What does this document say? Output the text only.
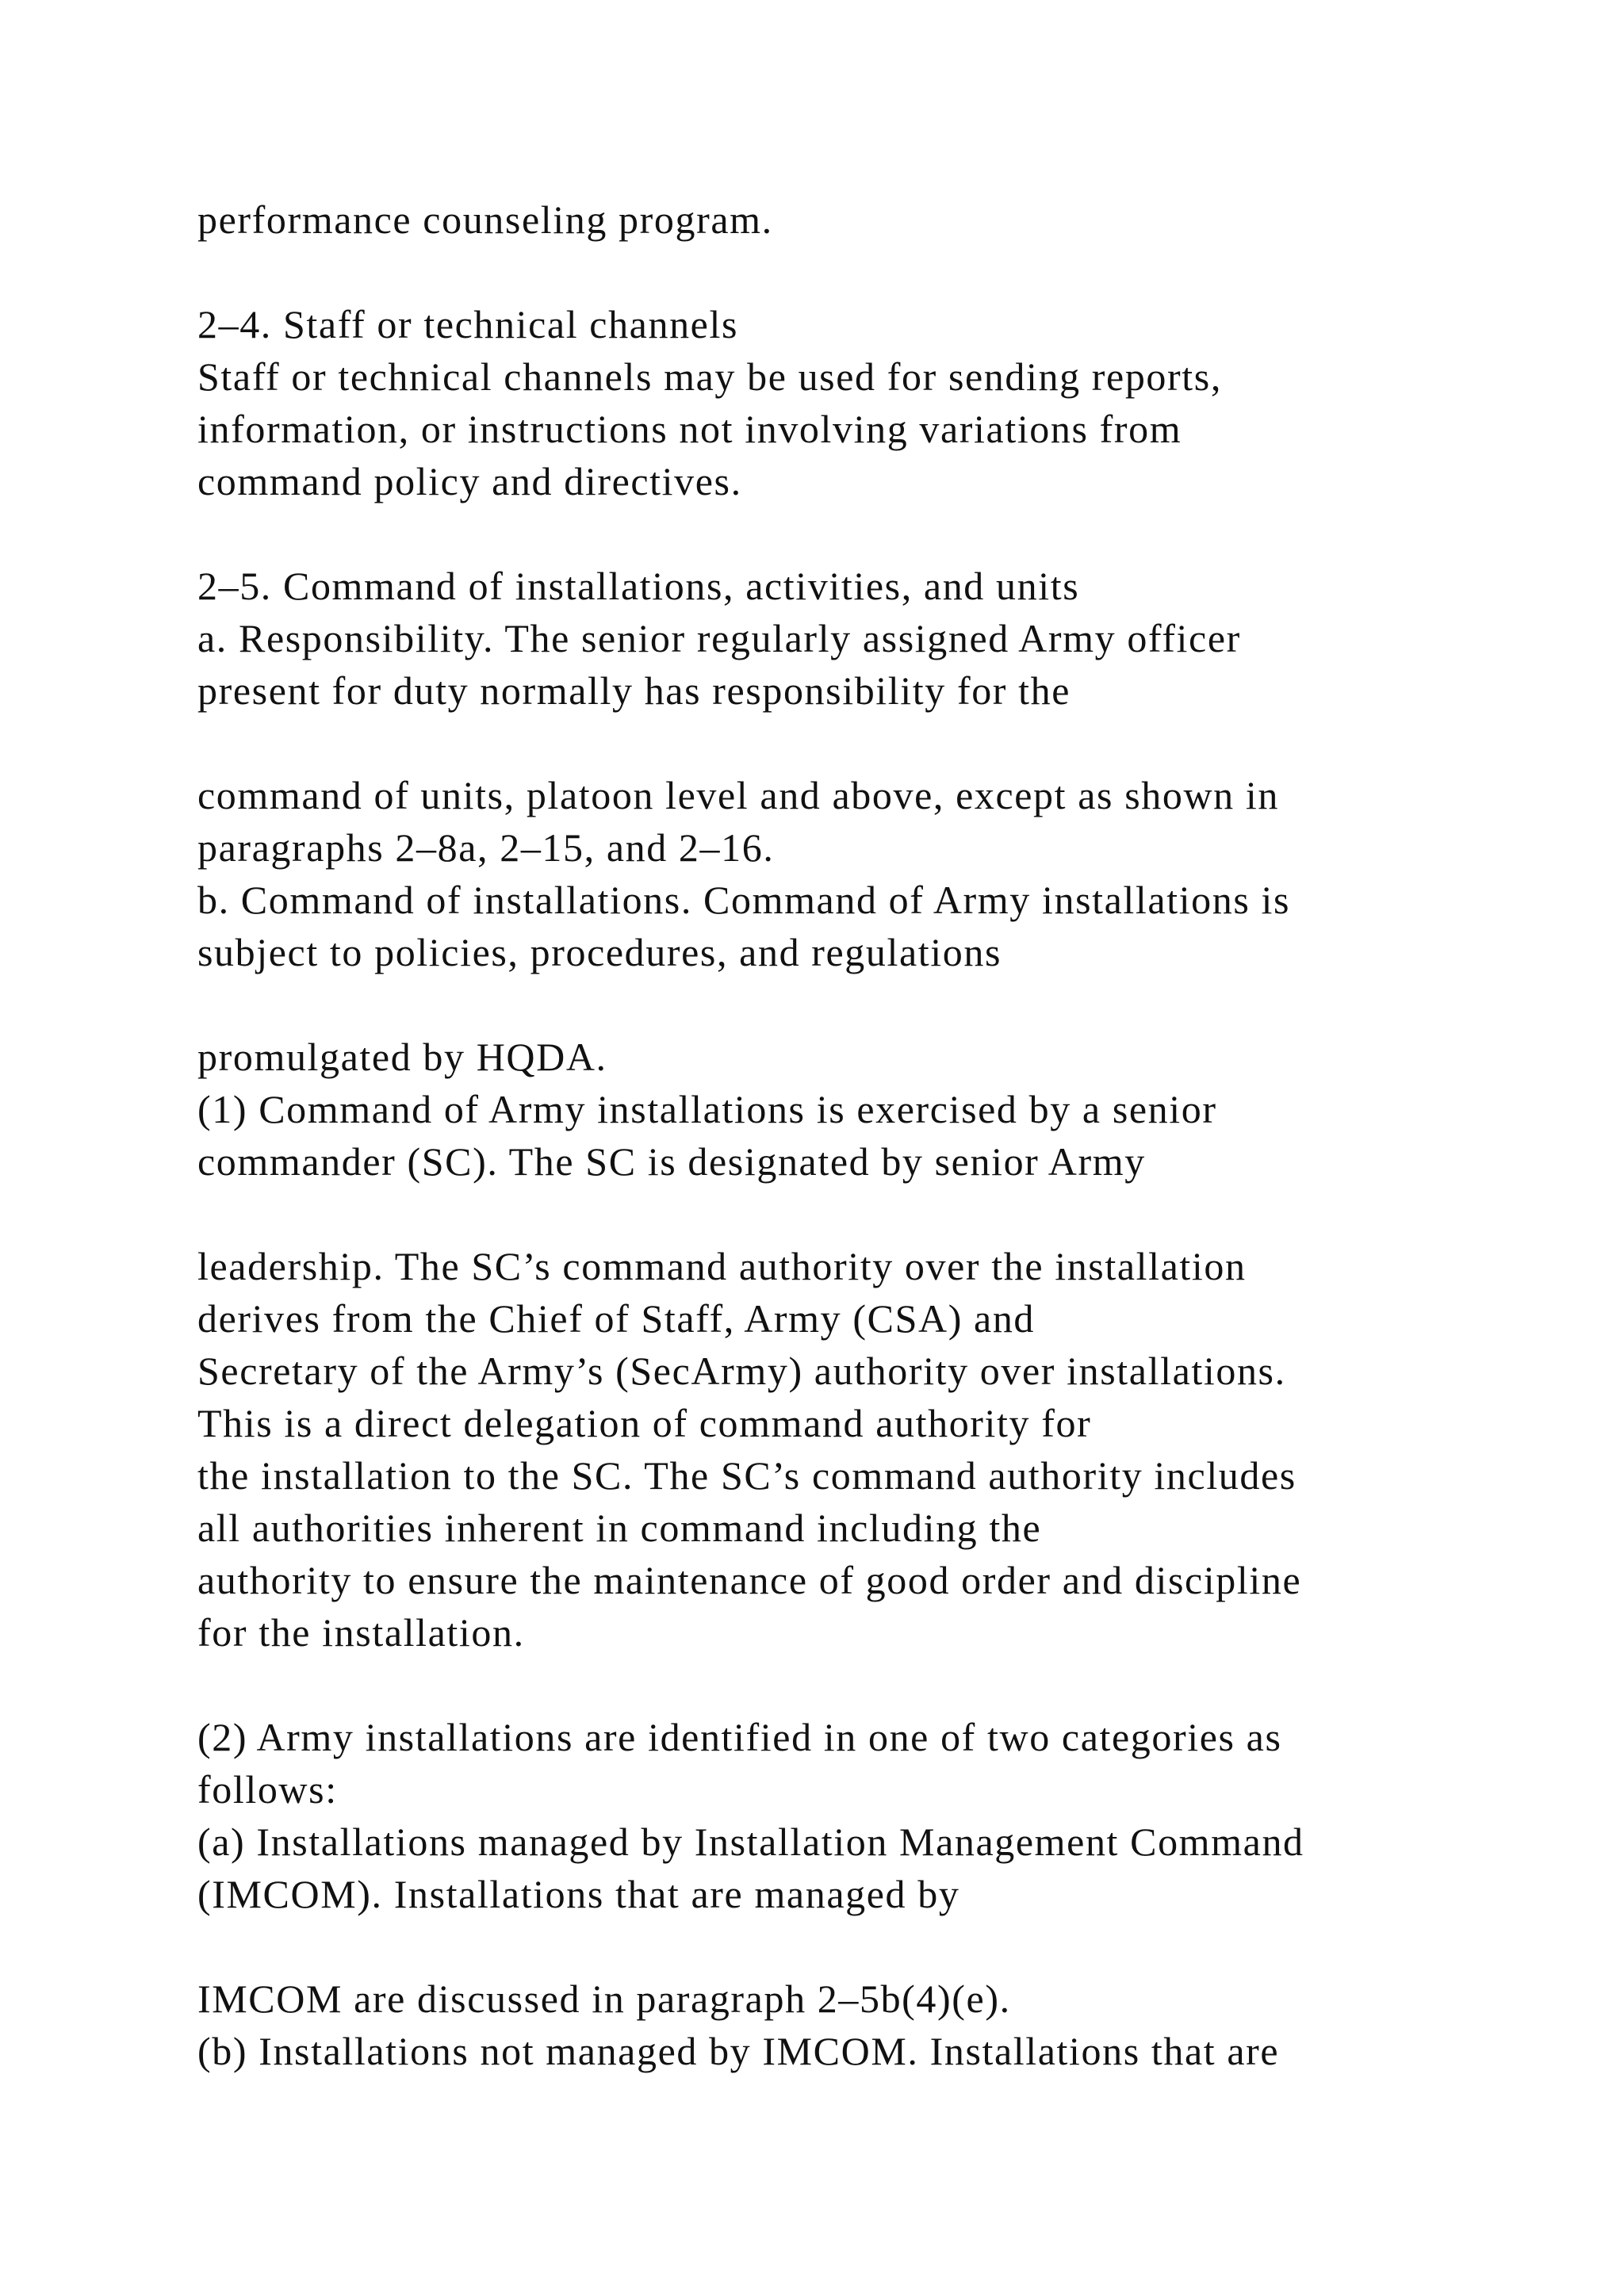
performance counseling program.
2–4. Staff or technical channels
Staff or technical channels may be used for sending reports,
information, or instructions not involving variations from
command policy and directives.
2–5. Command of installations, activities, and units
a. Responsibility. The senior regularly assigned Army officer
present for duty normally has responsibility for the
command of units, platoon level and above, except as shown in
paragraphs 2–8a, 2–15, and 2–16.
b. Command of installations. Command of Army installations is
subject to policies, procedures, and regulations
promulgated by HQDA.
(1) Command of Army installations is exercised by a senior
commander (SC). The SC is designated by senior Army
leadership. The SC’s command authority over the installation
derives from the Chief of Staff, Army (CSA) and
Secretary of the Army’s (SecArmy) authority over installations.
This is a direct delegation of command authority for
the installation to the SC. The SC’s command authority includes
all authorities inherent in command including the
authority to ensure the maintenance of good order and discipline
for the installation.
(2) Army installations are identified in one of two categories as
follows:
(a) Installations managed by Installation Management Command
(IMCOM). Installations that are managed by
IMCOM are discussed in paragraph 2–5b(4)(e).
(b) Installations not managed by IMCOM. Installations that are
